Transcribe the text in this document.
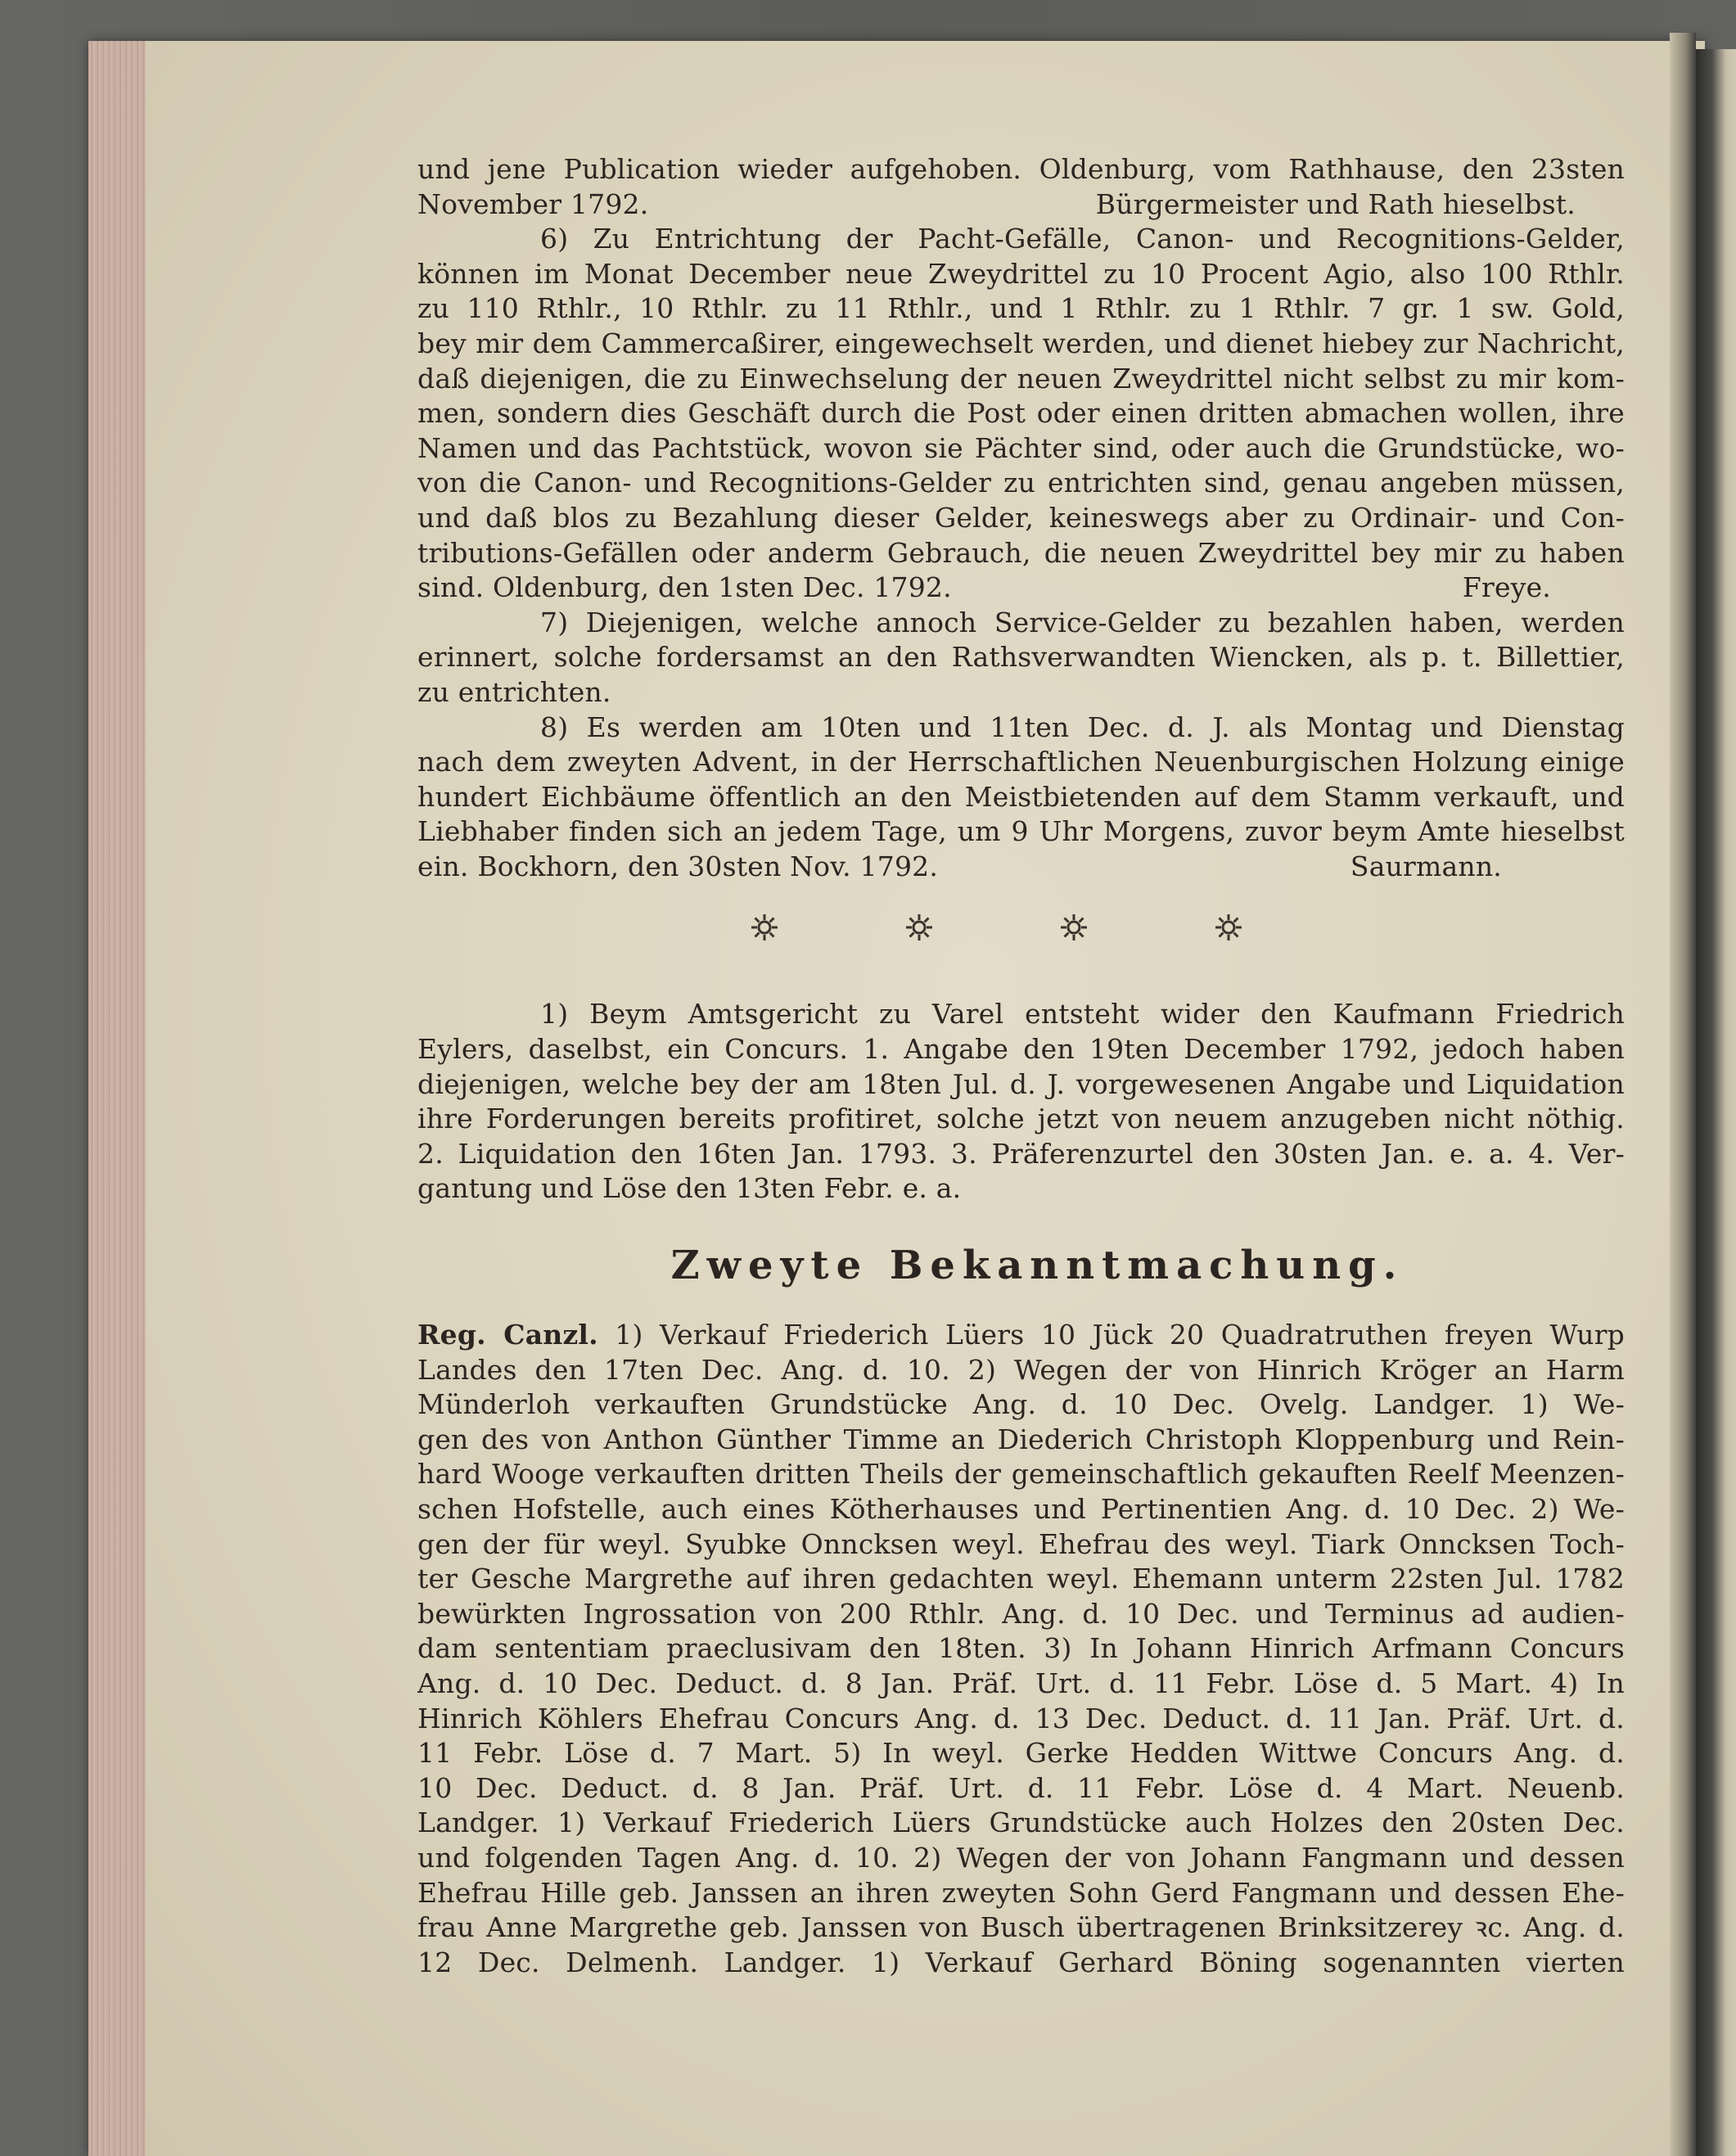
und jene Publication wieder aufgehoben. Oldenburg, vom Rathhause, den 23sten
November 1792.	Bürgermeister und Rath hieselbst.
6) Zu Entrichtung der Pacht-Gefälle, Canon- und Recognitions-Gelder,
können im Monat December neue Zweydrittel zu 10 Procent Agio, also 100 Rthlr.
zu 110 Rthlr., 10 Rthlr. zu 11 Rthlr., und 1 Rthlr. zu 1 Rthlr. 7 gr. 1 sw. Gold,
bey mir dem Cammercaßirer, eingewechselt werden, und dienet hiebey zur Nachricht,
daß diejenigen, die zu Einwechselung der neuen Zweydrittel nicht selbst zu mir kom-
men, sondern dies Geschäft durch die Post oder einen dritten abmachen wollen, ihre
Namen und das Pachtstück, wovon sie Pächter sind, oder auch die Grundstücke, wo-
von die Canon- und Recognitions-Gelder zu entrichten sind, genau angeben müssen,
und daß blos zu Bezahlung dieser Gelder, keineswegs aber zu Ordinair- und Con-
tributions-Gefällen oder anderm Gebrauch, die neuen Zweydrittel bey mir zu haben
sind. Oldenburg, den 1sten Dec. 1792.	Freye.
7) Diejenigen, welche annoch Service-Gelder zu bezahlen haben, werden
erinnert, solche fordersamst an den Rathsverwandten Wiencken, als p. t. Billettier,
zu entrichten.
8) Es werden am 10ten und 11ten Dec. d. J. als Montag und Dienstag
nach dem zweyten Advent, in der Herrschaftlichen Neuenburgischen Holzung einige
hundert Eichbäume öffentlich an den Meistbietenden auf dem Stamm verkauft, und
Liebhaber finden sich an jedem Tage, um 9 Uhr Morgens, zuvor beym Amte hieselbst
ein. Bockhorn, den 30sten Nov. 1792.	Saurmann.
1) Beym Amtsgericht zu Varel entsteht wider den Kaufmann Friedrich
Eylers, daselbst, ein Concurs. 1. Angabe den 19ten December 1792, jedoch haben
diejenigen, welche bey der am 18ten Jul. d. J. vorgewesenen Angabe und Liquidation
ihre Forderungen bereits profitiret, solche jetzt von neuem anzugeben nicht nöthig.
2. Liquidation den 16ten Jan. 1793. 3. Präferenzurtel den 30sten Jan. e. a. 4. Ver-
gantung und Löse den 13ten Febr. e. a.
Zweyte Bekanntmachung.
Reg. Canzl. 1) Verkauf Friederich Lüers 10 Jück 20 Quadratruthen freyen Wurp
Landes den 17ten Dec. Ang. d. 10. 2) Wegen der von Hinrich Kröger an Harm
Münderloh verkauften Grundstücke Ang. d. 10 Dec. Ovelg. Landger. 1) We-
gen des von Anthon Günther Timme an Diederich Christoph Kloppenburg und Rein-
hard Wooge verkauften dritten Theils der gemeinschaftlich gekauften Reelf Meenzen-
schen Hofstelle, auch eines Kötherhauses und Pertinentien Ang. d. 10 Dec. 2) We-
gen der für weyl. Syubke Onncksen weyl. Ehefrau des weyl. Tiark Onncksen Toch-
ter Gesche Margrethe auf ihren gedachten weyl. Ehemann unterm 22sten Jul. 1782
bewürkten Ingrossation von 200 Rthlr. Ang. d. 10 Dec. und Terminus ad audien-
dam sententiam praeclusivam den 18ten. 3) In Johann Hinrich Arfmann Concurs
Ang. d. 10 Dec. Deduct. d. 8 Jan. Präf. Urt. d. 11 Febr. Löse d. 5 Mart. 4) In
Hinrich Köhlers Ehefrau Concurs Ang. d. 13 Dec. Deduct. d. 11 Jan. Präf. Urt. d.
11 Febr. Löse d. 7 Mart. 5) In weyl. Gerke Hedden Wittwe Concurs Ang. d.
10 Dec. Deduct. d. 8 Jan. Präf. Urt. d. 11 Febr. Löse d. 4 Mart. Neuenb.
Landger. 1) Verkauf Friederich Lüers Grundstücke auch Holzes den 20sten Dec.
und folgenden Tagen Ang. d. 10. 2) Wegen der von Johann Fangmann und dessen
Ehefrau Hille geb. Janssen an ihren zweyten Sohn Gerd Fangmann und dessen Ehe-
frau Anne Margrethe geb. Janssen von Busch übertragenen Brinksitzerey ꝛc. Ang. d.
12 Dec. Delmenh. Landger. 1) Verkauf Gerhard Böning sogenannten vierten
